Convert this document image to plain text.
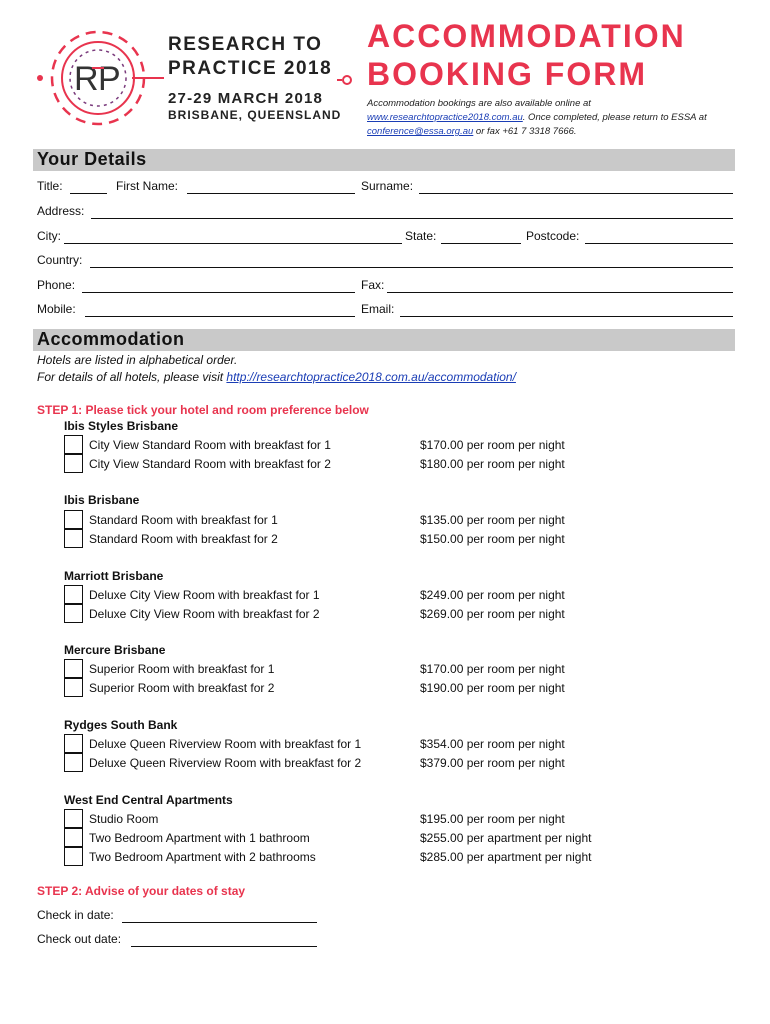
R P
RESEARCH TO
PRACTICE 2018
27-29 MARCH 2018
BRISBANE, QUEENSLAND
ACCOMMODATION
BOOKING FORM
Accommodation bookings are also available online at
www.researchtopractice2018.com.au. Once completed, please return to ESSA at conference@essa.org.au or fax +61 7 3318 7666.
Your Details
Title:	First Name:	Surname:
Address:
City:	State:	Postcode:
Country:
Phone:	Fax:
Mobile:	Email:
Accommodation
Hotels are listed in alphabetical order.
For details of all hotels, please visit http://researchtopractice2018.com.au/accommodation/
STEP 1: Please tick your hotel and room preference below
Ibis Styles Brisbane
City View Standard Room with breakfast for 1	$170.00 per room per night
City View Standard Room with breakfast for 2	$180.00 per room per night
Ibis Brisbane
Standard Room with breakfast for 1	$135.00 per room per night
Standard Room with breakfast for 2	$150.00 per room per night
Marriott Brisbane
Deluxe City View Room with breakfast for 1	$249.00 per room per night
Deluxe City View Room with breakfast for 2	$269.00 per room per night
Mercure Brisbane
Superior Room with breakfast for 1	$170.00 per room per night
Superior Room with breakfast for 2	$190.00 per room per night
Rydges South Bank
Deluxe Queen Riverview Room with breakfast for 1	$354.00 per room per night
Deluxe Queen Riverview Room with breakfast for 2	$379.00 per room per night
West End Central Apartments
Studio Room	$195.00 per room per night
Two Bedroom Apartment with 1 bathroom	$255.00 per apartment per night
Two Bedroom Apartment with 2 bathrooms	$285.00 per apartment per night
STEP 2: Advise of your dates of stay
Check in date:
Check out date:
